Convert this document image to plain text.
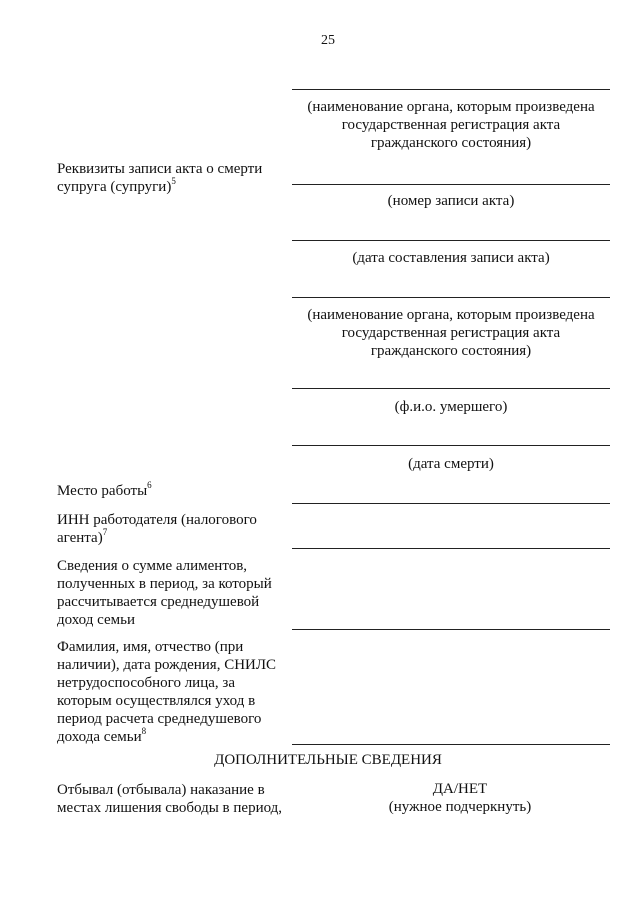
25
(наименование органа, которым произведена
государственная регистрация акта
гражданского состояния)
Реквизиты записи акта о смерти
супруга (супруги)$^5$
(номер записи акта)
(дата составления записи акта)
(наименование органа, которым произведена
государственная регистрация акта
гражданского состояния)
(ф.и.о. умершего)
(дата смерти)
Место работы$^6$
ИНН работодателя (налогового
агента)$^7$
Сведения о сумме алиментов,
полученных в период, за который
рассчитывается среднедушевой
доход семьи
Фамилия, имя, отчество (при
наличии), дата рождения, СНИЛС
нетрудоспособного лица, за
которым осуществлялся уход в
период расчета среднедушевого
дохода семьи$^8$
ДОПОЛНИТЕЛЬНЫЕ СВЕДЕНИЯ
Отбывал (отбывала) наказание в
местах лишения свободы в период,
ДА/НЕТ
(нужное подчеркнуть)
